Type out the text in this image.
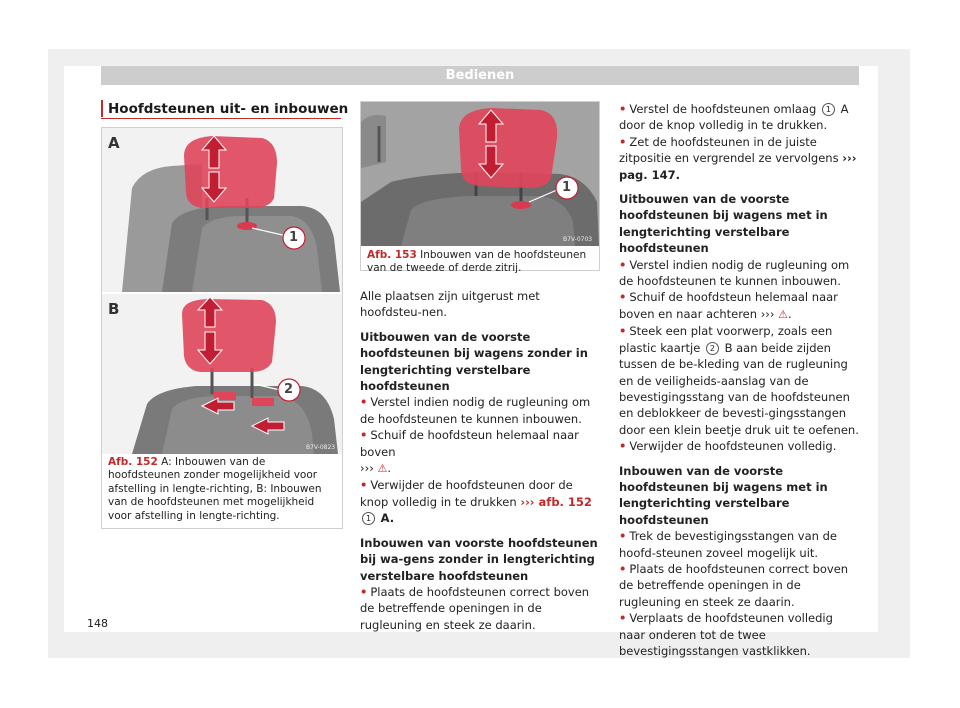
Bedienen
Hoofdsteunen uit- en inbouwen
A
1
B
2
B7V-0823
Afb. 152 A: Inbouwen van de hoofdsteunen zonder mogelijkheid voor afstelling in lengte-richting, B: Inbouwen van de hoofdsteunen met mogelijkheid voor afstelling in lengte-richting.
1
B7V-0703
Afb. 153 Inbouwen van de hoofdsteunen van de tweede of derde zitrij.

Alle plaatsen zijn uitgerust met hoofdsteu-nen.

Uitbouwen van de voorste hoofdsteunen bij wagens zonder in lengterichting verstelbare hoofdsteunen

• Verstel indien nodig de rugleuning om de hoofdsteunen te kunnen inbouwen.

• Schuif de hoofdsteun helemaal naar boven
››› ⚠.

• Verwijder de hoofdsteunen door de knop volledig in te drukken ››› afb. 152 1 A.

Inbouwen van voorste hoofdsteunen bij wa-gens zonder in lengterichting verstelbare hoofdsteunen

• Plaats de hoofdsteunen correct boven de betreffende openingen in de rugleuning en steek ze daarin.

• Verstel de hoofdsteunen omlaag 1 A door de knop volledig in te drukken.

• Zet de hoofdsteunen in de juiste zitpositie en vergrendel ze vervolgens ››› pag. 147.

Uitbouwen van de voorste hoofdsteunen bij wagens met in lengterichting verstelbare hoofdsteunen

• Verstel indien nodig de rugleuning om de hoofdsteunen te kunnen inbouwen.

• Schuif de hoofdsteun helemaal naar boven en naar achteren ››› ⚠.

• Steek een plat voorwerp, zoals een plastic kaartje 2 B aan beide zijden tussen de be-kleding van de rugleuning en de veiligheids-aanslag van de bevestigingsstang van de hoofdsteunen en deblokkeer de bevesti-gingsstangen door een klein beetje druk uit te oefenen.

• Verwijder de hoofdsteunen volledig.

Inbouwen van de voorste hoofdsteunen bij wagens met in lengterichting verstelbare hoofdsteunen

• Trek de bevestigingsstangen van de hoofd-steunen zoveel mogelijk uit.

• Plaats de hoofdsteunen correct boven de betreffende openingen in de rugleuning en steek ze daarin.

• Verplaats de hoofdsteunen volledig naar onderen tot de twee bevestigingsstangen vastklikken.

148
